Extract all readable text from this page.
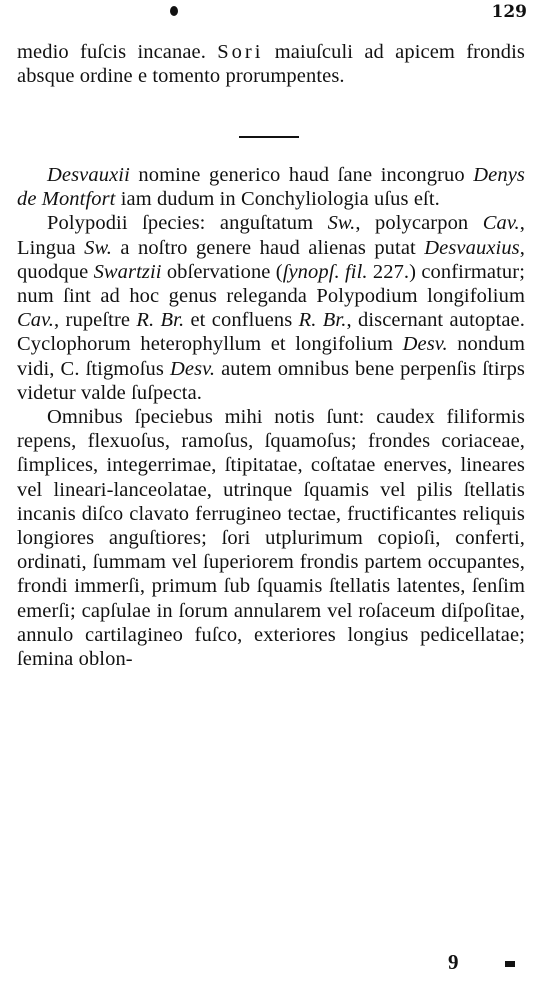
129

medio fuſcis incanae. Sori maiuſculi ad apicem frondis absque ordine e tomento prorumpentes.

Desvauxii nomine generico haud ſane incongruo Denys de Montfort iam dudum in Conchyliologia uſus eſt.

Polypodii ſpecies: anguſtatum Sw., polycarpon Cav., Lingua Sw. a noſtro genere haud alienas putat Desvauxius, quodque Swartzii obſervatione (ſynopſ. fil. 227.) confirmatur; num ſint ad hoc genus releganda Polypodium longifolium Cav., rupeſtre R. Br. et confluens R. Br., discernant autoptae. Cyclophorum heterophyllum et longifolium Desv. nondum vidi, C. ſtigmoſus Desv. autem omnibus bene perpenſis ſtirps videtur valde ſuſpecta.

Omnibus ſpeciebus mihi notis ſunt: caudex filiformis repens, flexuoſus, ramoſus, ſquamoſus; frondes coriaceae, ſimplices, integerrimae, ſtipitatae, coſtatae enerves, lineares vel lineari-lanceolatae, utrinque ſquamis vel pilis ſtellatis incanis diſco clavato ferrugineo tectae, fructificantes reliquis longiores anguſtiores; ſori utplurimum copioſi, conferti, ordinati, ſummam vel ſuperiorem frondis partem occupantes, frondi immerſi, primum ſub ſquamis ſtellatis latentes, ſenſim emerſi; capſulae in ſorum annularem vel roſaceum diſpoſitae, annulo cartilagineo fuſco, exteriores longius pedicellatae; ſemina oblon-

9
